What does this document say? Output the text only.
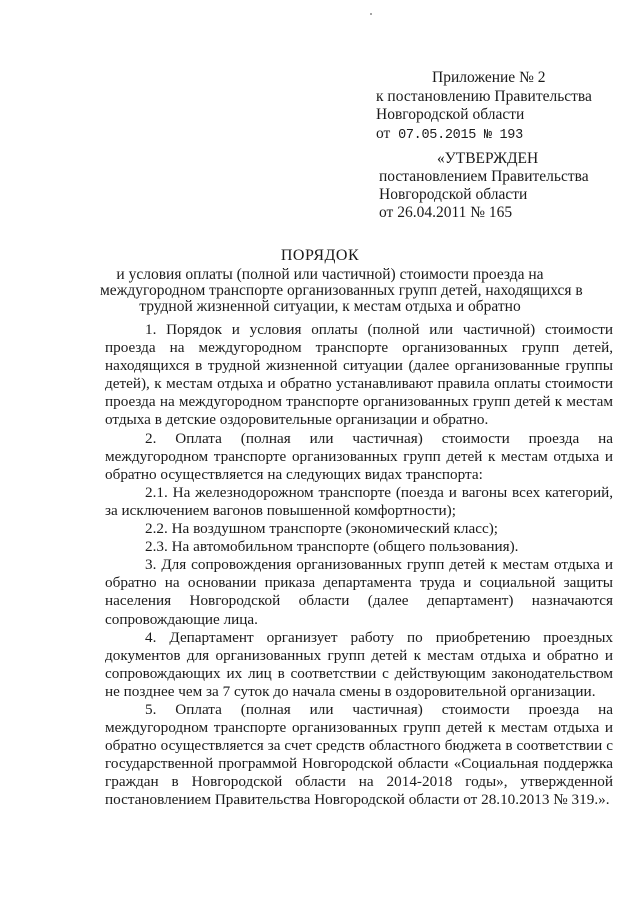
Приложение № 2
к постановлению Правительства
Новгородской области
от 07.05.2015 № 193
«УТВЕРЖДЕН
постановлением Правительства
Новгородской области
от 26.04.2011 № 165
ПОРЯДОК
и условия оплаты (полной или частичной) стоимости проезда на
междугородном транспорте организованных групп детей, находящихся в
трудной жизненной ситуации, к местам отдыха и обратно

1. Порядок и условия оплаты (полной или частичной) стоимости проезда на междугородном транспорте организованных групп детей, находящихся в трудной жизненной ситуации (далее организованные группы детей), к местам отдыха и обратно устанавливают правила оплаты стоимости проезда на междугородном транспорте организованных групп детей к местам отдыха в детские оздоровительные организации и обратно.

2. Оплата (полная или частичная) стоимости проезда на междугородном транспорте организованных групп детей к местам отдыха и обратно осуществляется на следующих видах транспорта:

2.1. На железнодорожном транспорте (поезда и вагоны всех категорий, за исключением вагонов повышенной комфортности);

2.2. На воздушном транспорте (экономический класс);

2.3. На автомобильном транспорте (общего пользования).

3. Для сопровождения организованных групп детей к местам отдыха и обратно на основании приказа департамента труда и социальной защиты населения Новгородской области (далее департамент) назначаются сопровождающие лица.

4. Департамент организует работу по приобретению проездных документов для организованных групп детей к местам отдыха и обратно и сопровождающих их лиц в соответствии с действующим законодательством не позднее чем за 7 суток до начала смены в оздоровительной организации.

5. Оплата (полная или частичная) стоимости проезда на междугородном транспорте организованных групп детей к местам отдыха и обратно осуществляется за счет средств областного бюджета в соответствии с государственной программой Новгородской области «Социальная поддержка граждан в Новгородской области на 2014-2018 годы», утвержденной постановлением Правительства Новгородской области от 28.10.2013 № 319.».
